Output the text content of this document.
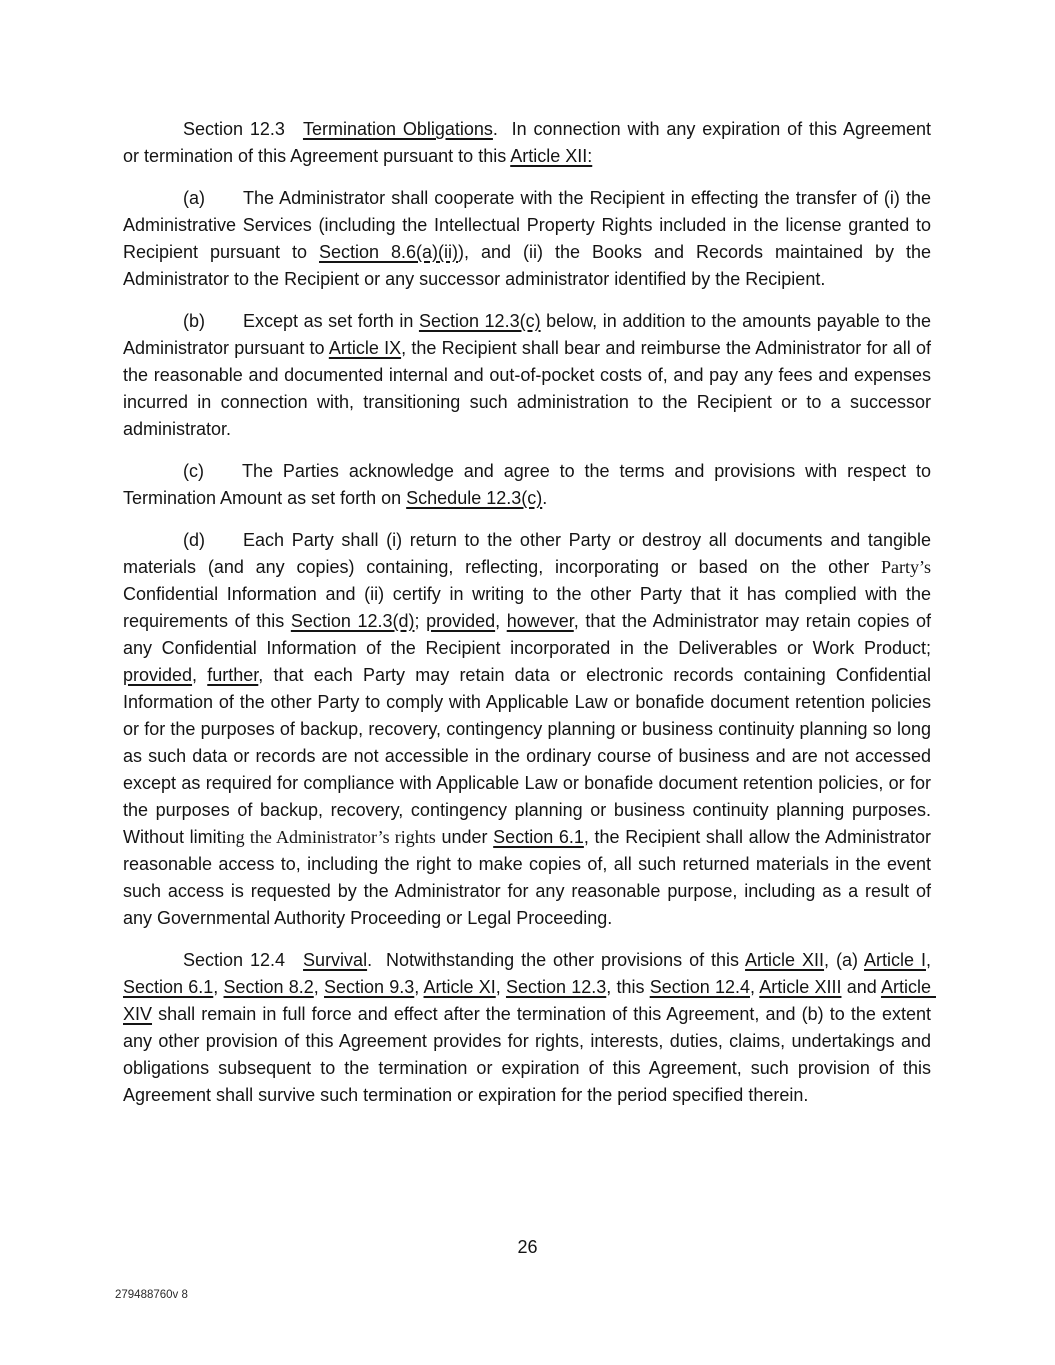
Section 12.3 Termination Obligations.  In connection with any expiration of this Agreement or termination of this Agreement pursuant to this Article XII:

(a) The Administrator shall cooperate with the Recipient in effecting the transfer of (i) the Administrative Services (including the Intellectual Property Rights included in the license granted to Recipient pursuant to Section 8.6(a)(ii)), and (ii) the Books and Records maintained by the Administrator to the Recipient or any successor administrator identified by the Recipient.

(b) Except as set forth in Section 12.3(c) below, in addition to the amounts payable to the Administrator pursuant to Article IX, the Recipient shall bear and reimburse the Administrator for all of the reasonable and documented internal and out-of-pocket costs of, and pay any fees and expenses incurred in connection with, transitioning such administration to the Recipient or to a successor administrator.

(c) The Parties acknowledge and agree to the terms and provisions with respect to Termination Amount as set forth on Schedule 12.3(c).

(d) Each Party shall (i) return to the other Party or destroy all documents and tangible materials (and any copies) containing, reflecting, incorporating or based on the other Party’s Confidential Information and (ii) certify in writing to the other Party that it has complied with the requirements of this Section 12.3(d); provided, however, that the Administrator may retain copies of any Confidential Information of the Recipient incorporated in the Deliverables or Work Product; provided, further, that each Party may retain data or electronic records containing Confidential Information of the other Party to comply with Applicable Law or bonafide document retention policies or for the purposes of backup, recovery, contingency planning or business continuity planning so long as such data or records are not accessible in the ordinary course of business and are not accessed except as required for compliance with Applicable Law or bonafide document retention policies, or for the purposes of backup, recovery, contingency planning or business continuity planning purposes.  Without limiting the Administrator’s rights under Section 6.1, the Recipient shall allow the Administrator reasonable access to, including the right to make copies of, all such returned materials in the event such access is requested by the Administrator for any reasonable purpose, including as a result of any Governmental Authority Proceeding or Legal Proceeding.

Section 12.4 Survival.  Notwithstanding the other provisions of this Article XII, (a) Article I, Section 6.1, Section 8.2, Section 9.3, Article XI, Section 12.3, this Section 12.4, Article XIII and Article XIV shall remain in full force and effect after the termination of this Agreement, and (b) to the extent any other provision of this Agreement provides for rights, interests, duties, claims, undertakings and obligations subsequent to the termination or expiration of this Agreement, such provision of this Agreement shall survive such termination or expiration for the period specified therein.

26
279488760v 8
